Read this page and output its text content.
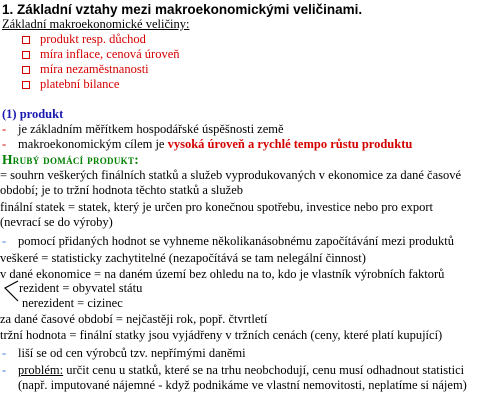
1. Základní vztahy mezi makroekonomickými veličinami.
Základní makroekonomické veličiny:
produkt resp. důchod
míra inflace, cenová úroveň
míra nezaměstnanosti
platební bilance
(1) produkt
- je základním měřítkem hospodářské úspěšnosti země
- makroekonomickým cílem je vysoká úroveň a rychlé tempo růstu produktu
Hrubý domácí produkt:
= souhrn veškerých finálních statků a služeb vyprodukovaných v ekonomice za dané časové
období; je to tržní hodnota těchto statků a služeb
finální statek = statek, který je určen pro konečnou spotřebu, investice nebo pro export
(nevrací se do výroby)
- pomocí přidaných hodnot se vyhneme několikanásobnému započítávání mezi produktů
veškeré = statisticky zachytitelné (nezapočítává se tam nelegální činnost)
v dané ekonomice = na daném území bez ohledu na to, kdo je vlastník výrobních faktorů
rezident = obyvatel státu
nerezident = cizinec
za dané časové období = nejčastěji rok, popř. čtvrtletí
tržní hodnota = finální statky jsou vyjádřeny v tržních cenách (ceny, které platí kupující)
- liší se od cen výrobců tzv. nepřímými daněmi
- problém: určit cenu u statků, které se na trhu neobchodují, cenu musí odhadnout statistici
(např. imputované nájemné - když podnikáme ve vlastní nemovitosti, neplatíme si nájem)
